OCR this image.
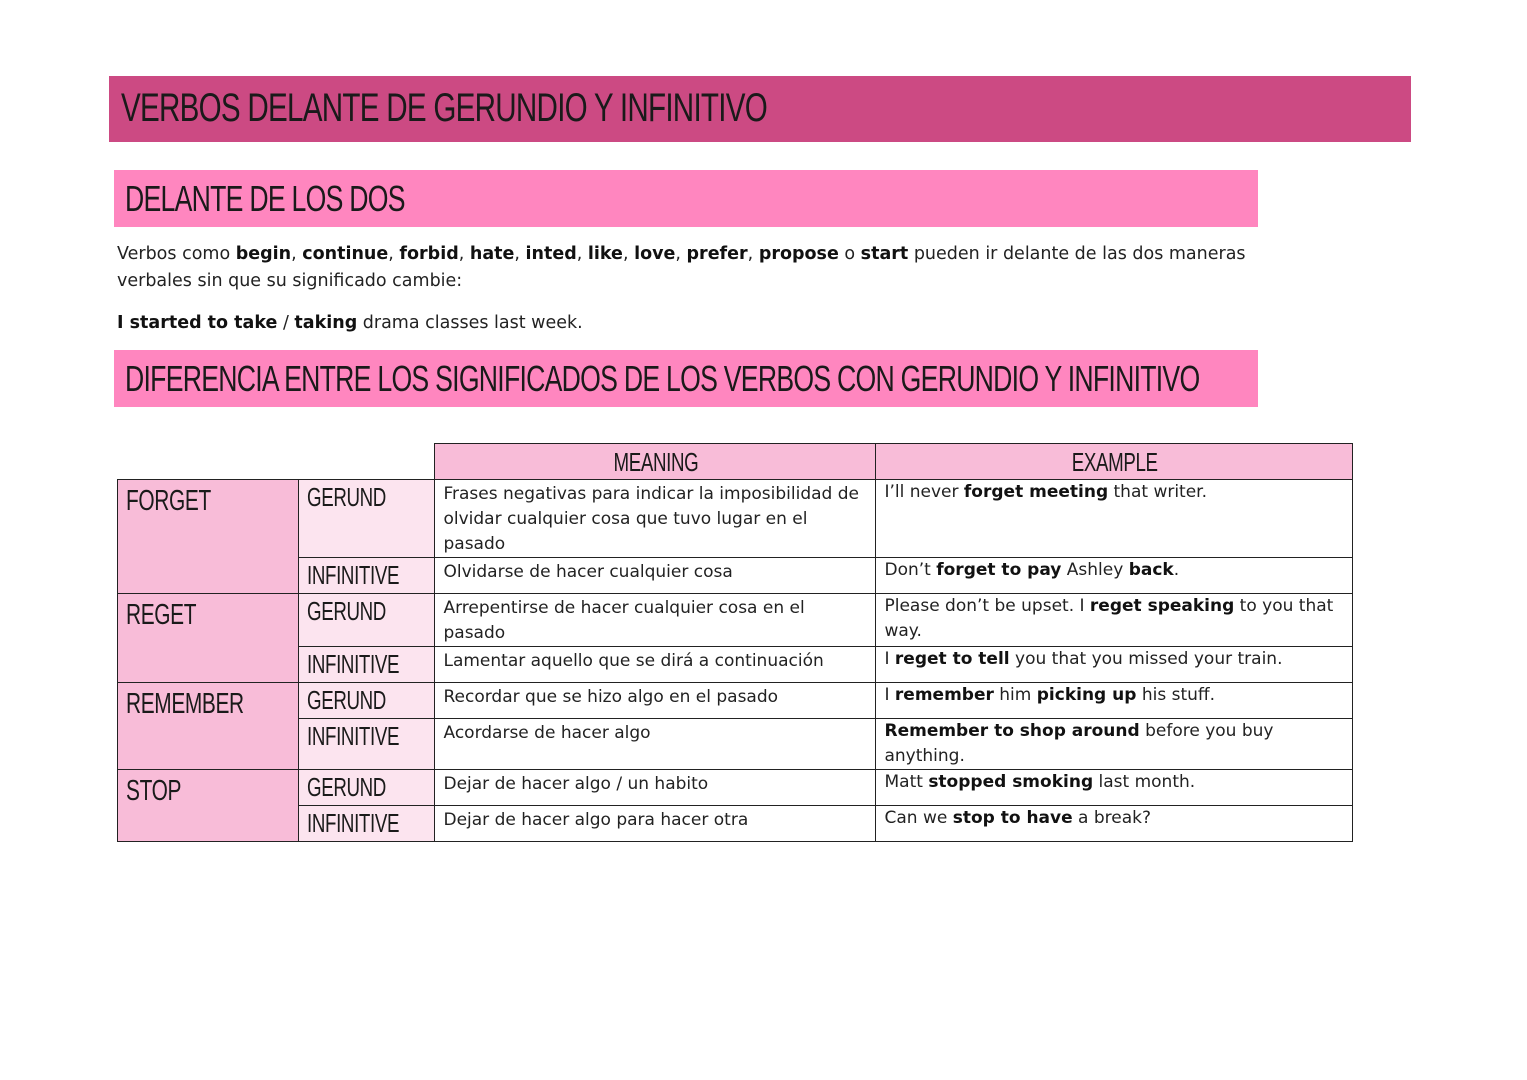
VERBOS DELANTE DE GERUNDIO Y INFINITIVO
DELANTE DE LOS DOS
Verbos como begin, continue, forbid, hate, inted, like, love, prefer, propose o start pueden ir delante de las dos maneras verbales sin que su significado cambie:
I started to take / taking drama classes last week.
DIFERENCIA ENTRE LOS SIGNIFICADOS DE LOS VERBOS CON GERUNDIO Y INFINITIVO
		MEANING	EXAMPLE
FORGET	GERUND	Frases negativas para indicar la imposibilidad de olvidar cualquier cosa que tuvo lugar en el pasado	I’ll never forget meeting that writer.
	INFINITIVE	Olvidarse de hacer cualquier cosa	Don’t forget to pay Ashley back.
REGET	GERUND	Arrepentirse de hacer cualquier cosa en el pasado	Please don’t be upset. I reget speaking to you that way.
	INFINITIVE	Lamentar aquello que se dirá a continuación	I reget to tell you that you missed your train.
REMEMBER	GERUND	Recordar que se hizo algo en el pasado	I remember him picking up his stuff.
	INFINITIVE	Acordarse de hacer algo	Remember to shop around before you buy anything.
STOP	GERUND	Dejar de hacer algo / un habito	Matt stopped smoking last month.
	INFINITIVE	Dejar de hacer algo para hacer otra	Can we stop to have a break?
